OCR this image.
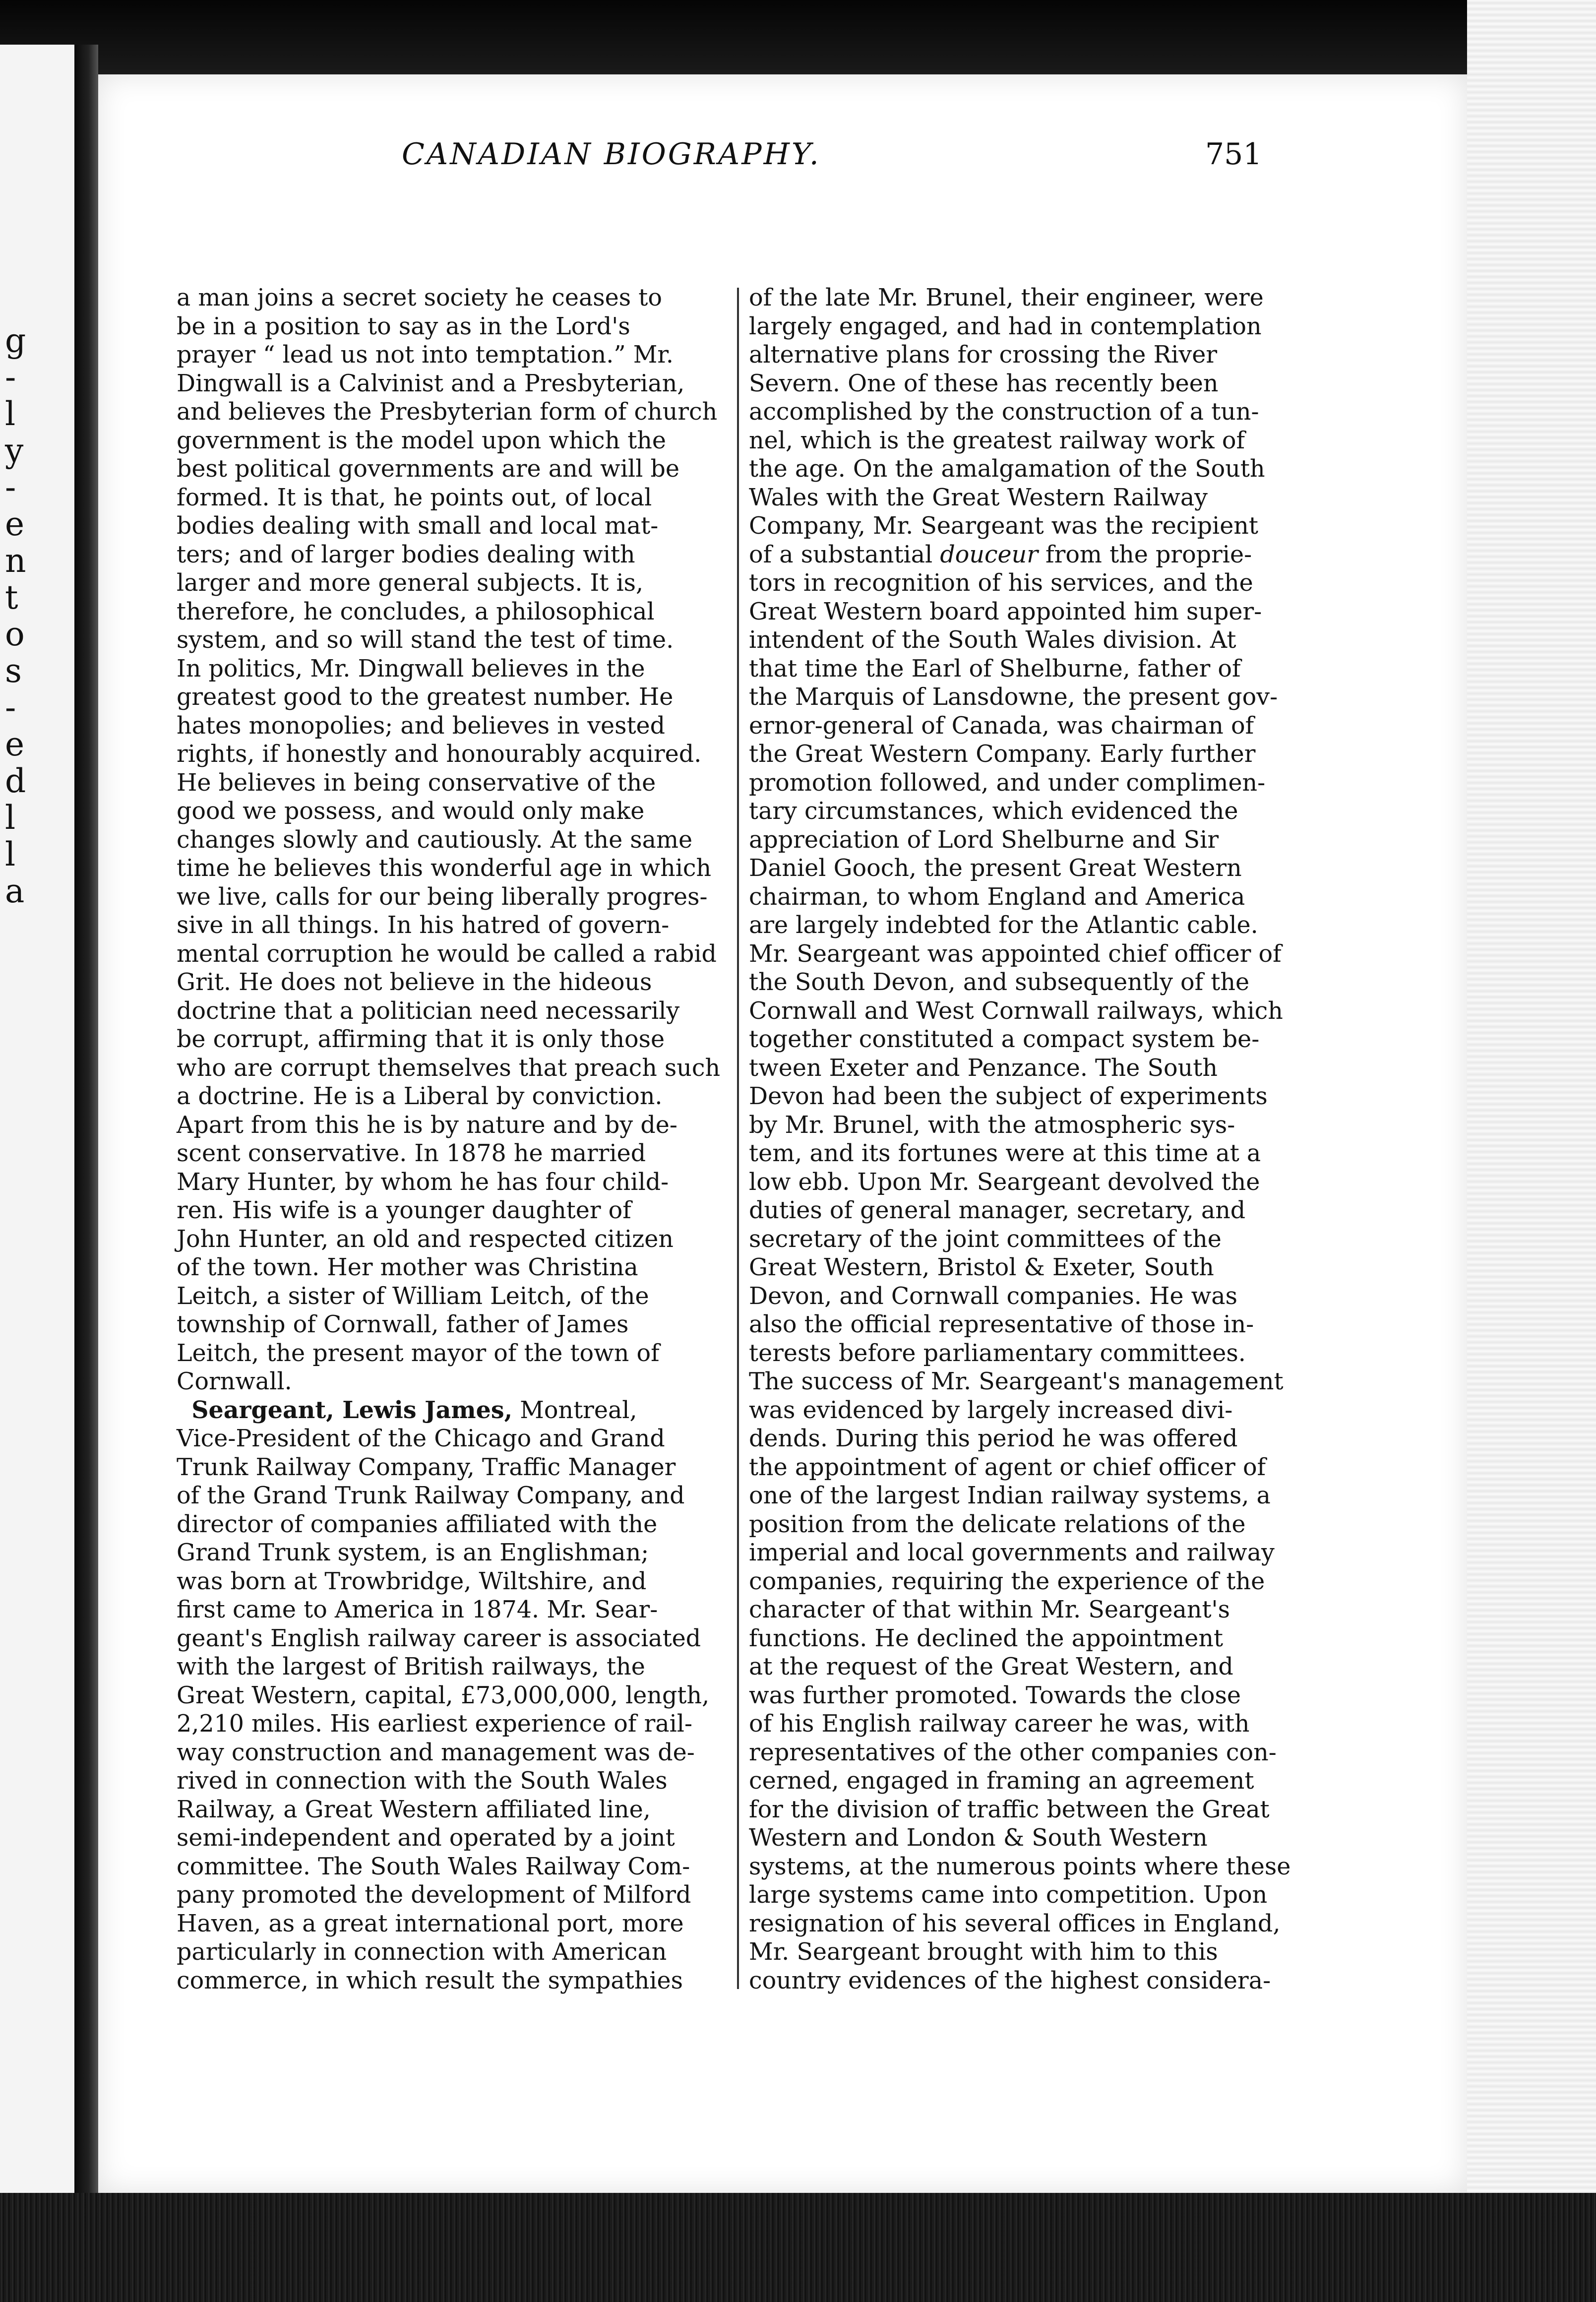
g
-
l
y
-
e
n
t
o
s
-
e
d
l
l
a
CANADIAN BIOGRAPHY.	751
a man joins a secret society he ceases to
be in a position to say as in the Lord's
prayer “ lead us not into temptation.” Mr.
Dingwall is a Calvinist and a Presbyterian,
and believes the Presbyterian form of church
government is the model upon which the
best political governments are and will be
formed. It is that, he points out, of local
bodies dealing with small and local mat-
ters; and of larger bodies dealing with
larger and more general subjects. It is,
therefore, he concludes, a philosophical
system, and so will stand the test of time.
In politics, Mr. Dingwall believes in the
greatest good to the greatest number. He
hates monopolies; and believes in vested
rights, if honestly and honourably acquired.
He believes in being conservative of the
good we possess, and would only make
changes slowly and cautiously. At the same
time he believes this wonderful age in which
we live, calls for our being liberally progres-
sive in all things. In his hatred of govern-
mental corruption he would be called a rabid
Grit. He does not believe in the hideous
doctrine that a politician need necessarily
be corrupt, affirming that it is only those
who are corrupt themselves that preach such
a doctrine. He is a Liberal by conviction.
Apart from this he is by nature and by de-
scent conservative. In 1878 he married
Mary Hunter, by whom he has four child-
ren. His wife is a younger daughter of
John Hunter, an old and respected citizen
of the town. Her mother was Christina
Leitch, a sister of William Leitch, of the
township of Cornwall, father of James
Leitch, the present mayor of the town of
Cornwall.
Seargeant, Lewis James, Montreal,
Vice-President of the Chicago and Grand
Trunk Railway Company, Traffic Manager
of the Grand Trunk Railway Company, and
director of companies affiliated with the
Grand Trunk system, is an Englishman;
was born at Trowbridge, Wiltshire, and
first came to America in 1874. Mr. Sear-
geant's English railway career is associated
with the largest of British railways, the
Great Western, capital, £73,000,000, length,
2,210 miles. His earliest experience of rail-
way construction and management was de-
rived in connection with the South Wales
Railway, a Great Western affiliated line,
semi-independent and operated by a joint
committee. The South Wales Railway Com-
pany promoted the development of Milford
Haven, as a great international port, more
particularly in connection with American
commerce, in which result the sympathies
of the late Mr. Brunel, their engineer, were
largely engaged, and had in contemplation
alternative plans for crossing the River
Severn. One of these has recently been
accomplished by the construction of a tun-
nel, which is the greatest railway work of
the age. On the amalgamation of the South
Wales with the Great Western Railway
Company, Mr. Seargeant was the recipient
of a substantial douceur from the proprie-
tors in recognition of his services, and the
Great Western board appointed him super-
intendent of the South Wales division. At
that time the Earl of Shelburne, father of
the Marquis of Lansdowne, the present gov-
ernor-general of Canada, was chairman of
the Great Western Company. Early further
promotion followed, and under complimen-
tary circumstances, which evidenced the
appreciation of Lord Shelburne and Sir
Daniel Gooch, the present Great Western
chairman, to whom England and America
are largely indebted for the Atlantic cable.
Mr. Seargeant was appointed chief officer of
the South Devon, and subsequently of the
Cornwall and West Cornwall railways, which
together constituted a compact system be-
tween Exeter and Penzance. The South
Devon had been the subject of experiments
by Mr. Brunel, with the atmospheric sys-
tem, and its fortunes were at this time at a
low ebb. Upon Mr. Seargeant devolved the
duties of general manager, secretary, and
secretary of the joint committees of the
Great Western, Bristol & Exeter, South
Devon, and Cornwall companies. He was
also the official representative of those in-
terests before parliamentary committees.
The success of Mr. Seargeant's management
was evidenced by largely increased divi-
dends. During this period he was offered
the appointment of agent or chief officer of
one of the largest Indian railway systems, a
position from the delicate relations of the
imperial and local governments and railway
companies, requiring the experience of the
character of that within Mr. Seargeant's
functions. He declined the appointment
at the request of the Great Western, and
was further promoted. Towards the close
of his English railway career he was, with
representatives of the other companies con-
cerned, engaged in framing an agreement
for the division of traffic between the Great
Western and London & South Western
systems, at the numerous points where these
large systems came into competition. Upon
resignation of his several offices in England,
Mr. Seargeant brought with him to this
country evidences of the highest considera-
